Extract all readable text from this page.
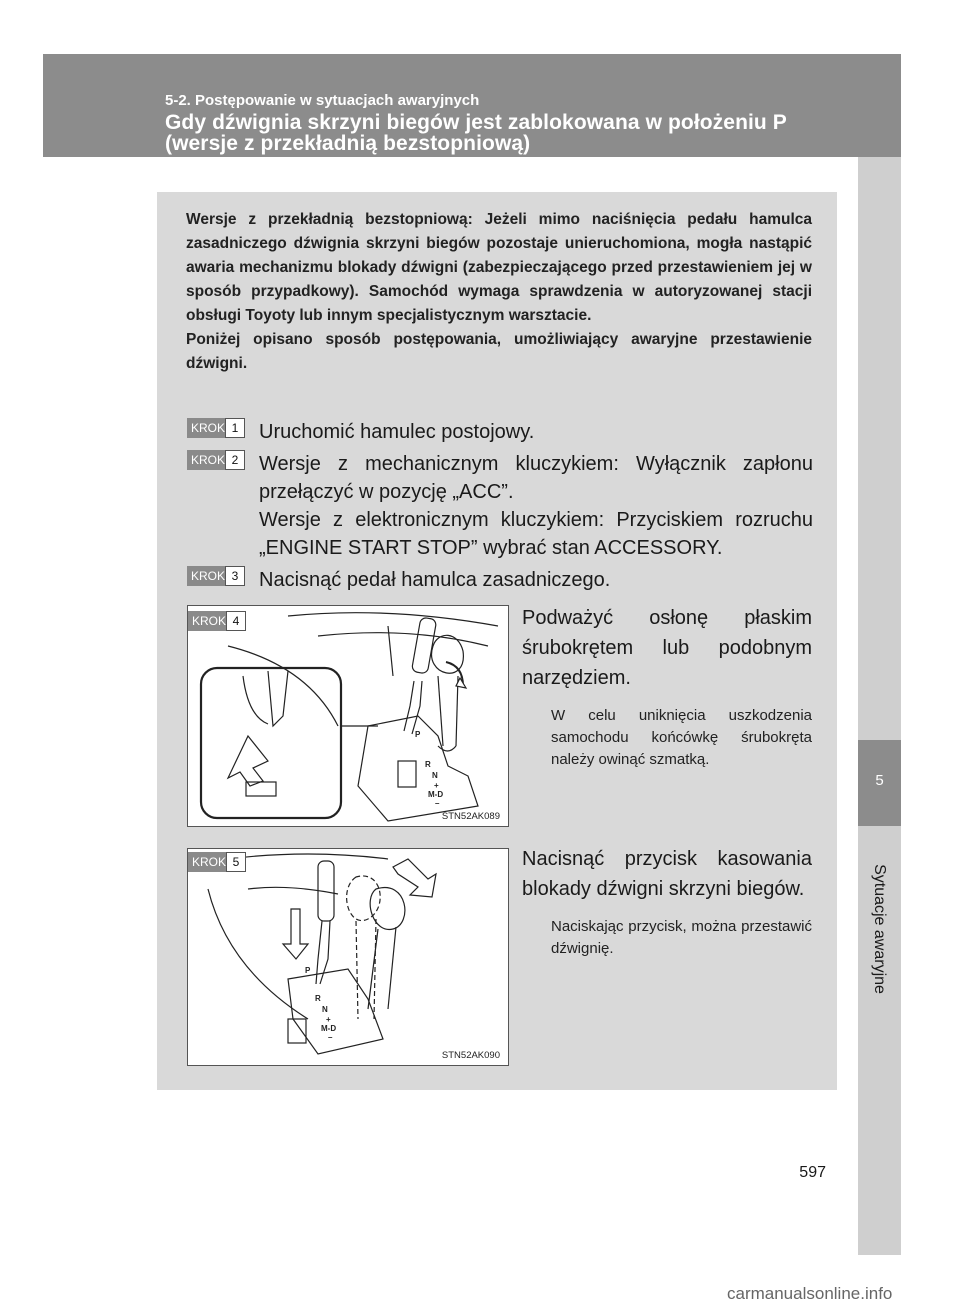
5-2. Postępowanie w sytuacjach awaryjnych
Gdy dźwignia skrzyni biegów jest zablokowana w położeniu P
(wersje z przekładnią bezstopniową)
5
Sytuacje awaryjne

Wersje z przekładnią bezstopniową: Jeżeli mimo naciśnięcia pedału hamulca zasadniczego dźwignia skrzyni biegów pozostaje unieruchomiona, mogła nastąpić awaria mechanizmu blokady dźwigni (zabezpieczającego przed przestawieniem jej w sposób przypadkowy). Samochód wymaga sprawdzenia w autoryzowanej stacji obsługi Toyoty lub innym specjalistycznym warsztacie.

Poniżej opisano sposób postępowania, umożliwiający awaryjne przestawienie dźwigni.

KROK 1	Uruchomić hamulec postojowy.

KROK 2	Wersje z mechanicznym kluczykiem: Wyłącznik zapłonu przełączyć w pozycję „ACC”.

Wersje z elektronicznym kluczykiem: Przyciskiem rozruchu „ENGINE START STOP” wybrać stan ACCESSORY.

KROK 3	Nacisnąć pedał hamulca zasadniczego.

P
R
N
+
M-D
–
KROK 4
STN52AK089
Podważyć osłonę płaskim śrubokrętem lub podobnym narzędziem.
W celu uniknięcia uszkodzenia samochodu końcówkę śrubokręta należy owinąć szmatką.
P
R
N
+
M-D
–
KROK 5
STN52AK090
Nacisnąć przycisk kasowania blokady dźwigni skrzyni biegów.
Naciskając przycisk, można przestawić dźwignię.
597
carmanualsonline.info
